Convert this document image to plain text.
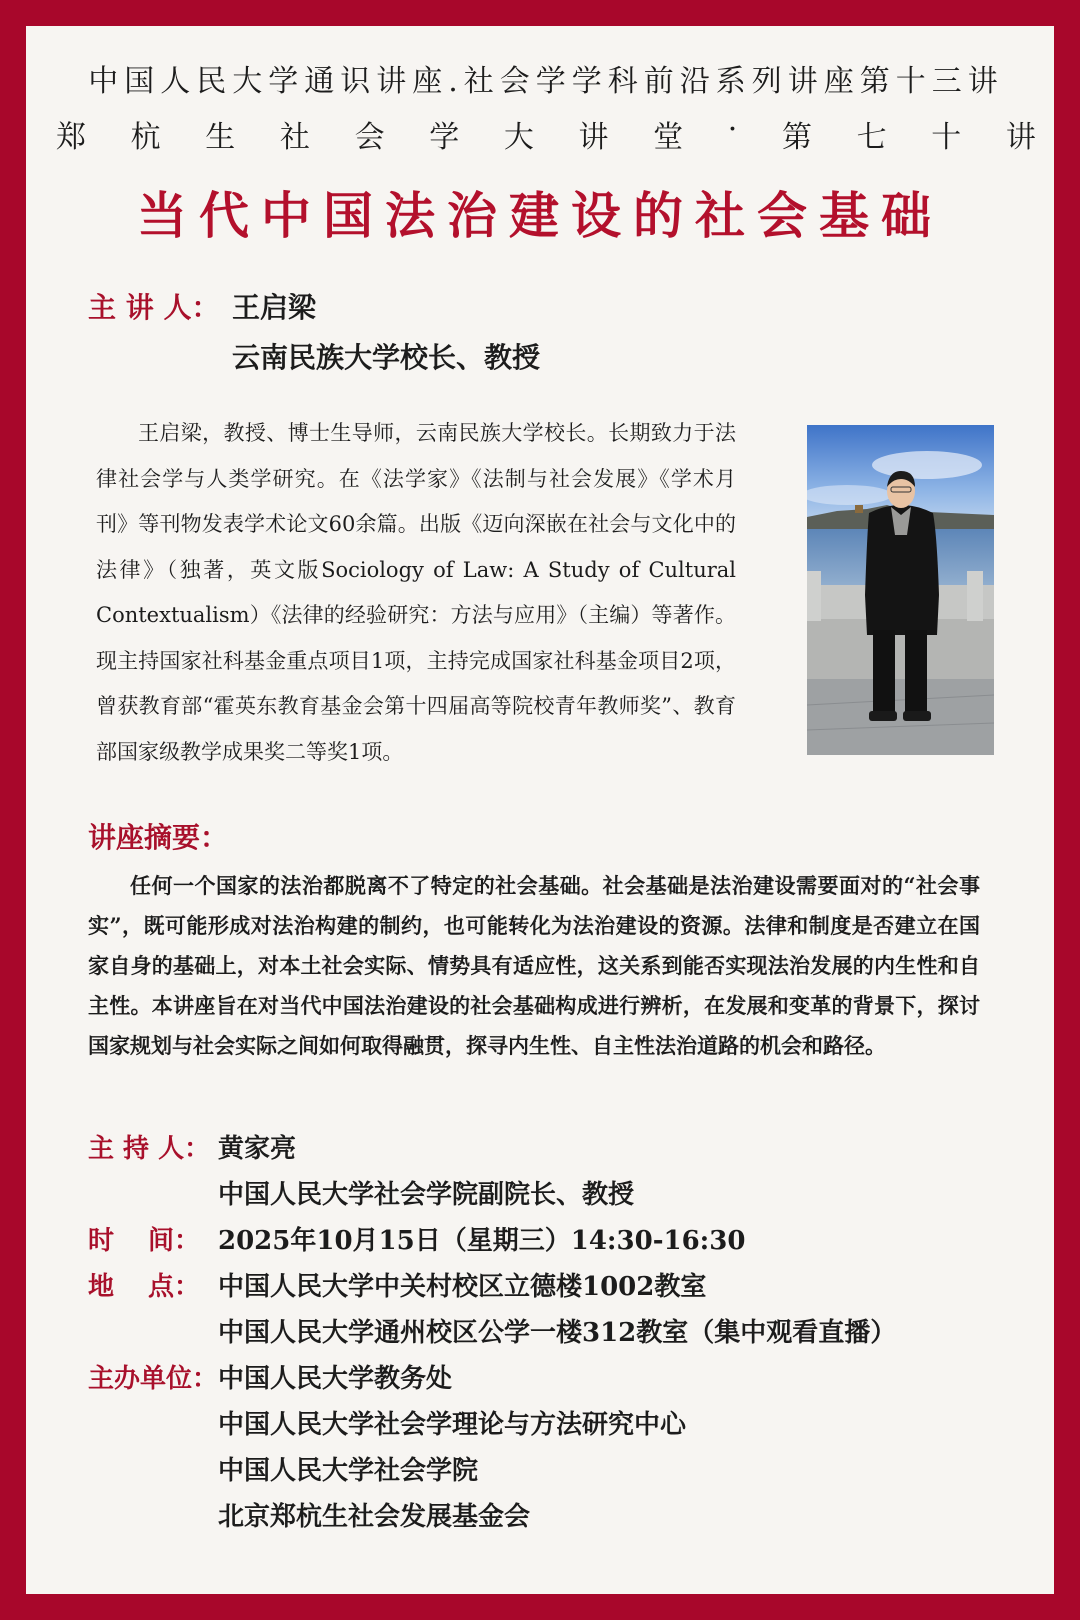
中国人民大学通识讲座.社会学学科前沿系列讲座第十三讲
郑 杭 生 社 会 学 大 讲 堂 · 第 七 十 讲
当代中国法治建设的社会基础
主 讲 人： 王启梁
云南民族大学校长、教授

王启梁，教授、博士生导师，云南民族大学校长。长期致力于法律社会学与人类学研究。在《法学家》《法制与社会发展》《学术月刊》等刊物发表学术论文60余篇。出版《迈向深嵌在社会与文化中的法律》（独著，英文版Sociology of Law: A Study of Cultural Contextualism）《法律的经验研究：方法与应用》（主编）等著作。现主持国家社科基金重点项目1项，主持完成国家社科基金项目2项，曾获教育部“霍英东教育基金会第十四届高等院校青年教师奖”、教育部国家级教学成果奖二等奖1项。

讲座摘要：

任何一个国家的法治都脱离不了特定的社会基础。社会基础是法治建设需要面对的“社会事实”，既可能形成对法治构建的制约，也可能转化为法治建设的资源。法律和制度是否建立在国家自身的基础上，对本土社会实际、情势具有适应性，这关系到能否实现法治发展的内生性和自主性。本讲座旨在对当代中国法治建设的社会基础构成进行辨析，在发展和变革的背景下，探讨国家规划与社会实际之间如何取得融贯，探寻内生性、自主性法治道路的机会和路径。

主 持 人： 黄家亮
中国人民大学社会学院副院长、教授
时 间： 2025年10月15日（星期三）14:30-16:30
地 点： 中国人民大学中关村校区立德楼1002教室
中国人民大学通州校区公学一楼312教室（集中观看直播）
主办单位： 中国人民大学教务处
中国人民大学社会学理论与方法研究中心
中国人民大学社会学院
北京郑杭生社会发展基金会
